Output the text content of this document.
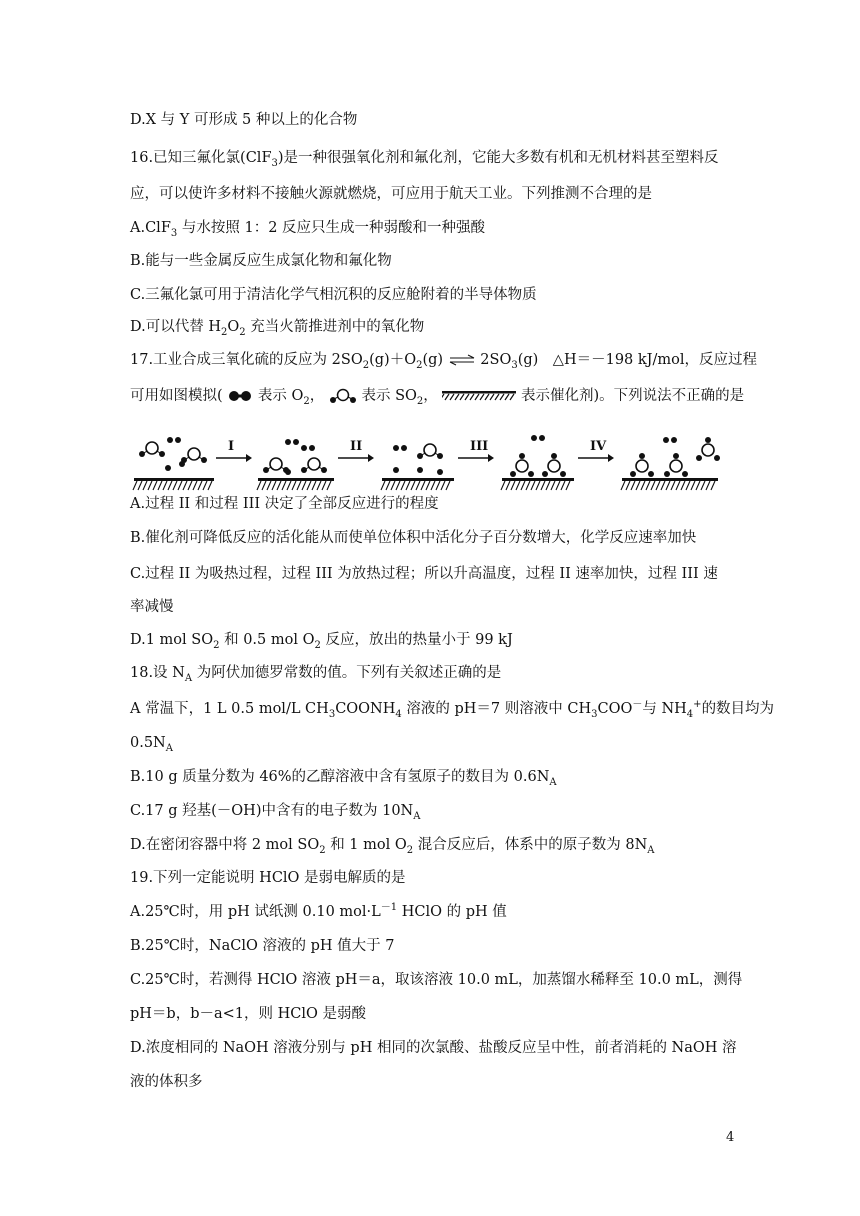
D.X 与 Y 可形成 5 种以上的化合物
16.已知三氟化氯(ClF$_3$)是一种很强氧化剂和氟化剂，它能大多数有机和无机材料甚至塑料反
应，可以使许多材料不接触火源就燃烧，可应用于航天工业。下列推测不合理的是
A.ClF$_3$ 与水按照 1：2 反应只生成一种弱酸和一种强酸
B.能与一些金属反应生成氯化物和氟化物
C.三氟化氯可用于清洁化学气相沉积的反应舱附着的半导体物质
D.可以代替 $H_2O_2$ 充当火箭推进剂中的氧化物
17.工业合成三氧化硫的反应为 $2SO_2(g)+O_2(g)$ ⇌ $2SO_3(g)$　△H＝－198 kJ/mol，反应过程
可用如图模拟( 表示 $O_2$，	表示 $SO_2$，	表示催化剂)。下列说法不正确的是
I	II	III	IV
A.过程 II 和过程 III 决定了全部反应进行的程度
B.催化剂可降低反应的活化能从而使单位体积中活化分子百分数增大，化学反应速率加快
C.过程 II 为吸热过程，过程 III 为放热过程；所以升高温度，过程 II 速率加快，过程 III 速
率减慢
D.1 mol $SO_2$ 和 0.5 mol $O_2$ 反应，放出的热量小于 99 kJ
18.设 $N_A$ 为阿伏加德罗常数的值。下列有关叙述正确的是
A 常温下，1 L 0.5 mol/L $CH_3COONH_4$ 溶液的 pH＝7 则溶液中 $CH_3COO^-$与 $NH_4^+$的数目均为
$0.5N_A$
B.10 g 质量分数为 46%的乙醇溶液中含有氢原子的数目为 $0.6N_A$
C.17 g 羟基(－OH)中含有的电子数为 $10N_A$
D.在密闭容器中将 2 mol $SO_2$ 和 1 mol $O_2$ 混合反应后，体系中的原子数为 $8N_A$
19.下列一定能说明 HClO 是弱电解质的是
A.25℃时，用 pH 试纸测 0.10 $mol\cdot L^{-1}$ HClO 的 pH 值
B.25℃时，NaClO 溶液的 pH 值大于 7
C.25℃时，若测得 HClO 溶液 pH＝a，取该溶液 10.0 mL，加蒸馏水稀释至 10.0 mL，测得
pH＝b，b－a<1，则 HClO 是弱酸
D.浓度相同的 NaOH 溶液分别与 pH 相同的次氯酸、盐酸反应呈中性，前者消耗的 NaOH 溶
液的体积多
4
